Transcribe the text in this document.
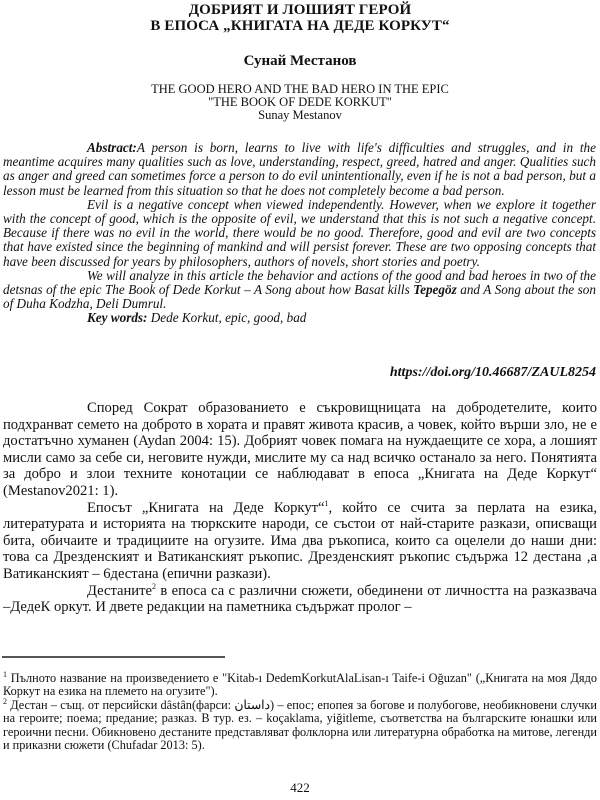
ДОБРИЯТ И ЛОШИЯТ ГЕРОЙ
В ЕПОСА „КНИГАТА НА ДЕДЕ КОРКУТ“
Сунай Местанов
THE GOOD HERO AND THE BAD HERO IN THE EPIC
"THE BOOK OF DEDE KORKUT"
Sunay Mestanov

Abstract:A person is born, learns to live with life's difficulties and struggles, and in the meantime acquires many qualities such as love, understanding, respect, greed, hatred and anger. Qualities such as anger and greed can sometimes force a person to do evil unintentionally, even if he is not a bad person, but a lesson must be learned from this situation so that he does not completely become a bad person.

Evil is a negative concept when viewed independently. However, when we explore it together with the concept of good, which is the opposite of evil, we understand that this is not such a negative concept. Because if there was no evil in the world, there would be no good. Therefore, good and evil are two concepts that have existed since the beginning of mankind and will persist forever. These are two opposing concepts that have been discussed for years by philosophers, authors of novels, short stories and poetry.

We will analyze in this article the behavior and actions of the good and bad heroes in two of the detsnas of the epic The Book of Dede Korkut – A Song about how Basat kills Tepegöz and A Song about the son of Duha Kodzha, Deli Dumrul.

Key words: Dede Korkut, epic, good, bad

https://doi.org/10.46687/ZAUL8254

Според Сократ образованието е съкровищницата на добродетелите, които подхранват семето на доброто в хората и правят живота красив, а човек, който върши зло, не е достатъчно хуманен (Aydan 2004: 15). Добрият човек помага на нуждаещите се хора, а лошият мисли само за себе си, неговите нужди, мислите му са над всичко останало за него. Понятията за добро и злои техните конотации се наблюдават в епоса „Книгата на Деде Коркут“ (Mestanov2021: 1).

Епосът „Книгата на Деде Коркут“$^1$, който се счита за перлата на езика, литературата и историята на тюркските народи, се състои от най-старите разкази, описващи бита, обичаите и традициите на огузите. Има два ръкописа, които са оцелели до наши дни: това са Дрезденският и Ватиканският ръкопис. Дрезденският ръкопис съдържа 12 дестана ,а Ватиканският – 6дестана (епични разкази).

Дестаните$^2$ в епоса са с различни сюжети, обединени от личността на разказвача –ДедеК оркут. И двете редакции на паметника съдържат пролог –

$^1$ Пълното название на произведението е "Kitab-ı DedemKorkutAlaLisan-ı Taife-i Oğuzan" („Книгата на моя Дядо Коркут на езика на племето на огузите").

$^2$ Дестан – същ. от персийски dâstân(фарси: داستان) – епос; епопея за богове и полубогове, необикновени случки на героите; поема; предание; разказ. В тур. ез. – koçaklama, yiğitleme, съответства на българските юнашки или героични песни. Обикновено дестаните представляват фолклорна или литературна обработка на митове, легенди и приказни сюжети (Chufadar 2013: 5).

422
